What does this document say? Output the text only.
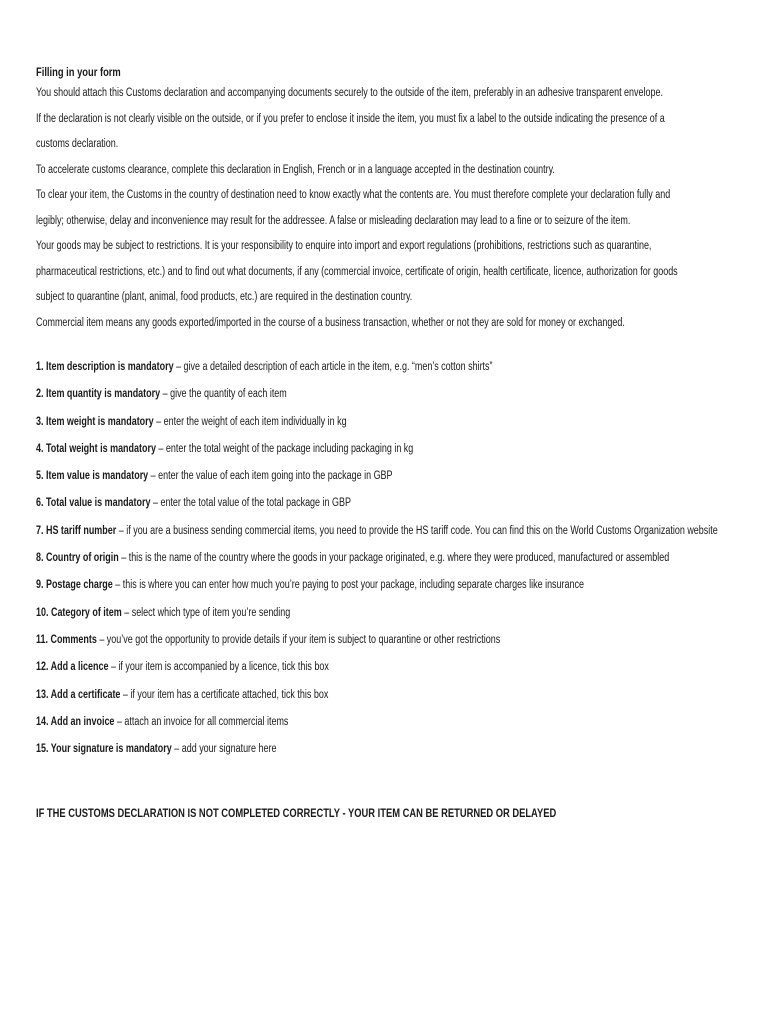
Filling in your form

You should attach this Customs declaration and accompanying documents securely to the outside of the item, preferably in an adhesive transparent envelope.

If the declaration is not clearly visible on the outside, or if you prefer to enclose it inside the item, you must fix a label to the outside indicating the presence of a

customs declaration.

To accelerate customs clearance, complete this declaration in English, French or in a language accepted in the destination country.

To clear your item, the Customs in the country of destination need to know exactly what the contents are. You must therefore complete your declaration fully and

legibly; otherwise, delay and inconvenience may result for the addressee. A false or misleading declaration may lead to a fine or to seizure of the item.

Your goods may be subject to restrictions. It is your responsibility to enquire into import and export regulations (prohibitions, restrictions such as quarantine,

pharmaceutical restrictions, etc.) and to find out what documents, if any (commercial invoice, certificate of origin, health certificate, licence, authorization for goods

subject to quarantine (plant, animal, food products, etc.) are required in the destination country.

Commercial item means any goods exported/imported in the course of a business transaction, whether or not they are sold for money or exchanged.

1. Item description is mandatory – give a detailed description of each article in the item, e.g. “men’s cotton shirts”
2. Item quantity is mandatory – give the quantity of each item
3. Item weight is mandatory – enter the weight of each item individually in kg
4. Total weight is mandatory – enter the total weight of the package including packaging in kg
5. Item value is mandatory – enter the value of each item going into the package in GBP
6. Total value is mandatory – enter the total value of the total package in GBP
7. HS tariff number – if you are a business sending commercial items, you need to provide the HS tariff code. You can find this on the World Customs Organization website
8. Country of origin – this is the name of the country where the goods in your package originated, e.g. where they were produced, manufactured or assembled
9. Postage charge – this is where you can enter how much you’re paying to post your package, including separate charges like insurance
10. Category of item – select which type of item you’re sending
11. Comments – you’ve got the opportunity to provide details if your item is subject to quarantine or other restrictions
12. Add a licence – if your item is accompanied by a licence, tick this box
13. Add a certificate – if your item has a certificate attached, tick this box
14. Add an invoice – attach an invoice for all commercial items
15. Your signature is mandatory – add your signature here
IF THE CUSTOMS DECLARATION IS NOT COMPLETED CORRECTLY - YOUR ITEM CAN BE RETURNED OR DELAYED
